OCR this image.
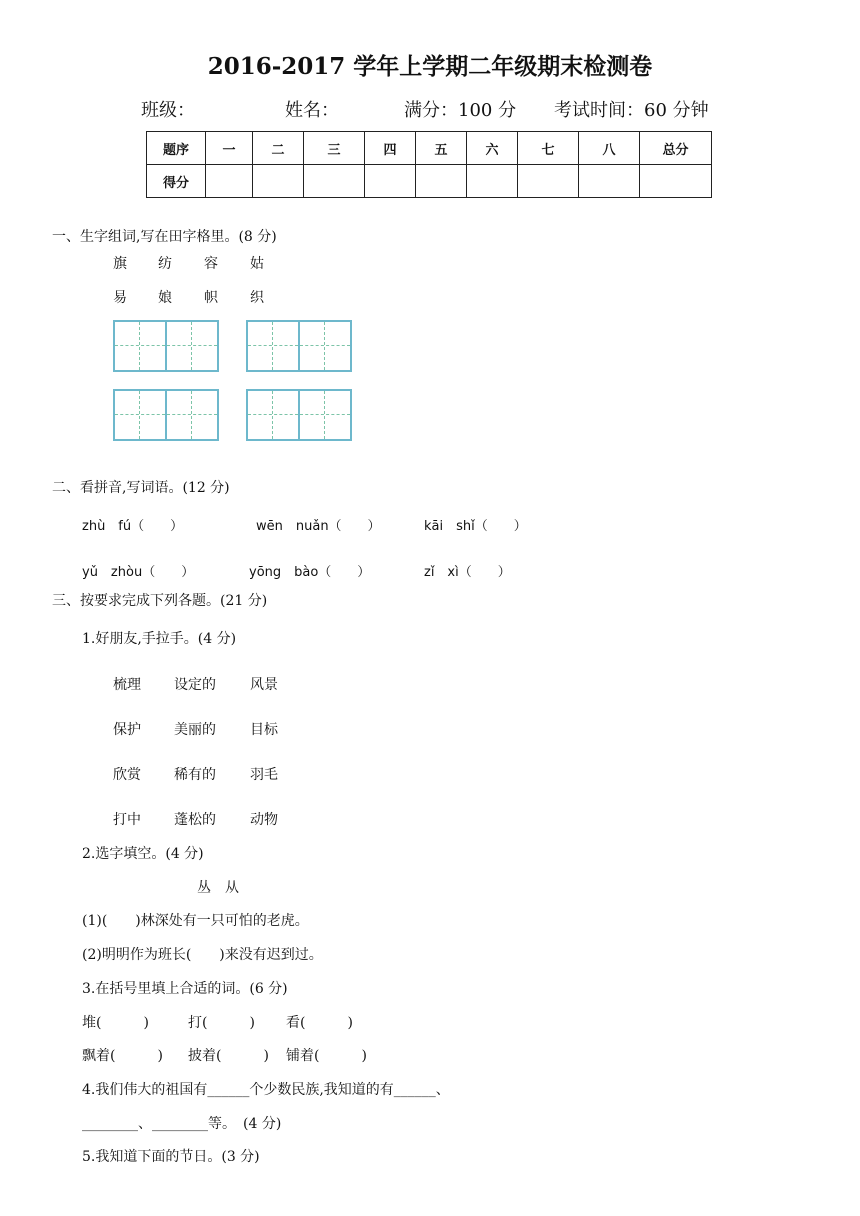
2016-2017 学年上学期二年级期末检测卷
班级：	姓名：	满分：100 分 考试时间：60 分钟
题序	一	二	三	四	五	六	七	八	总分
得分									
一、生字组词,写在田字格里。(8 分)
旗 纺 容 姑
易 娘 帜 织
二、看拼音,写词语。(12 分)
zhù　fú（　　）	wēn　nuǎn（　　）	kāi　shǐ（　　）
yǔ　zhòu（　　）	yōng　bào（　　）	zǐ　xì（　　）
三、按要求完成下列各题。(21 分)
1.好朋友,手拉手。(4 分)
梳理 设定的 风景
保护 美丽的 目标
欣赏 稀有的 羽毛
打中 蓬松的 动物
2.选字填空。(4 分)
丛　从
(1)(　　)林深处有一只可怕的老虎。
(2)明明作为班长(　　)来没有迟到过。
3.在括号里填上合适的词。(6 分)
堆(　　　)	打(　　　) 看(　　　)
飘着(　　　) 披着(　　　) 铺着(　　　)
4.我们伟大的祖国有______个少数民族,我知道的有______、
________、________等。　(4 分)
5.我知道下面的节日。(3 分)
